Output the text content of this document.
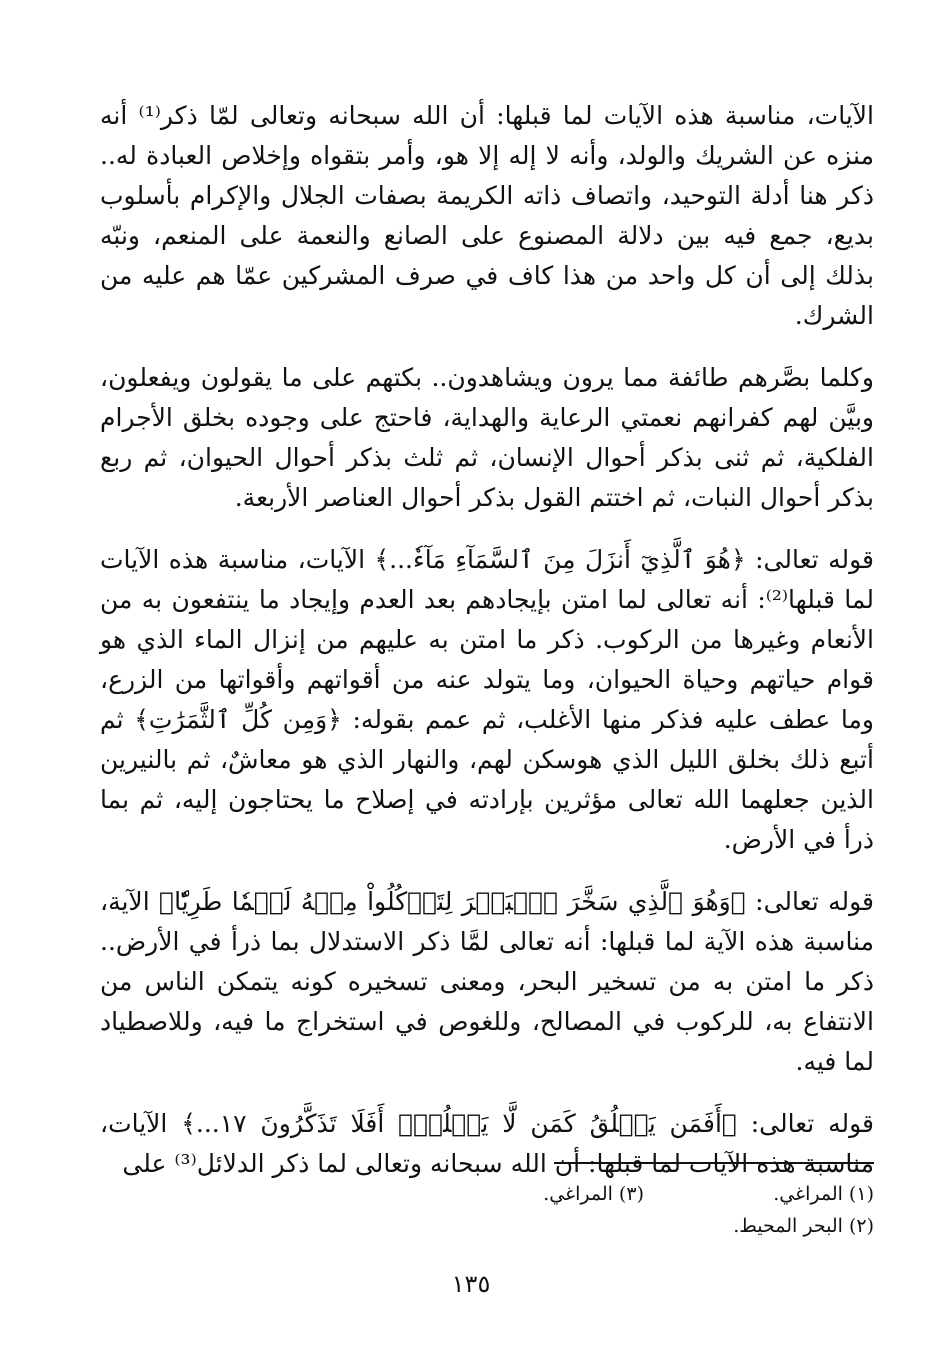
الآيات، مناسبة هذه الآيات لما قبلها: أن الله سبحانه وتعالى لمّا ذكر⁽¹⁾ أنه منزه عن الشريك والولد، وأنه لا إله إلا هو، وأمر بتقواه وإخلاص العبادة له.. ذكر هنا أدلة التوحيد، واتصاف ذاته الكريمة بصفات الجلال والإكرام بأسلوب بديع، جمع فيه بين دلالة المصنوع على الصانع والنعمة على المنعم، ونبّه بذلك إلى أن كل واحد من هذا كاف في صرف المشركين عمّا هم عليه من الشرك.

وكلما بصَّرهم طائفة مما يرون ويشاهدون.. بكتهم على ما يقولون ويفعلون، وبيَّن لهم كفرانهم نعمتي الرعاية والهداية، فاحتج على وجوده بخلق الأجرام الفلكية، ثم ثنى بذكر أحوال الإنسان، ثم ثلث بذكر أحوال الحيوان، ثم ربع بذكر أحوال النبات، ثم اختتم القول بذكر أحوال العناصر الأربعة.

قوله تعالى: ﴿هُوَ ٱلَّذِيٓ أَنزَلَ مِنَ ٱلسَّمَآءِ مَآءٗ...﴾ الآيات، مناسبة هذه الآيات لما قبلها⁽²⁾: أنه تعالى لما امتن بإيجادهم بعد العدم وإيجاد ما ينتفعون به من الأنعام وغيرها من الركوب. ذكر ما امتن به عليهم من إنزال الماء الذي هو قوام حياتهم وحياة الحيوان، وما يتولد عنه من أقواتهم وأقواتها من الزرع، وما عطف عليه فذكر منها الأغلب، ثم عمم بقوله: ﴿وَمِن كُلِّ ٱلثَّمَرَٰتِ﴾ ثم أتبع ذلك بخلق الليل الذي هوسكن لهم، والنهار الذي هو معاشٌ، ثم بالنيرين الذين جعلهما الله تعالى مؤثرين بإرادته في إصلاح ما يحتاجون إليه، ثم بما ذرأ في الأرض.

قوله تعالى: ﴿وَهُوَ ٱلَّذِي سَخَّرَ ٱلۡبَحۡرَ لِتَأۡكُلُواْ مِنۡهُ لَحۡمٗا طَرِيّٗا﴾ الآية، مناسبة هذه الآية لما قبلها: أنه تعالى لمَّا ذكر الاستدلال بما ذرأ في الأرض.. ذكر ما امتن به من تسخير البحر، ومعنى تسخيره كونه يتمكن الناس من الانتفاع به، للركوب في المصالح، وللغوص في استخراج ما فيه، وللاصطياد لما فيه.

قوله تعالى: ﴿أَفَمَن يَخۡلُقُ كَمَن لَّا يَخۡلُقُۚ أَفَلَا تَذَكَّرُونَ ١٧...﴾ الآيات، مناسبة هذه الآيات لما قبلها: أن الله سبحانه وتعالى لما ذكر الدلائل⁽³⁾ على

(١) المراغي.
(٣) المراغي.
(٢) البحر المحيط.
١٣٥
